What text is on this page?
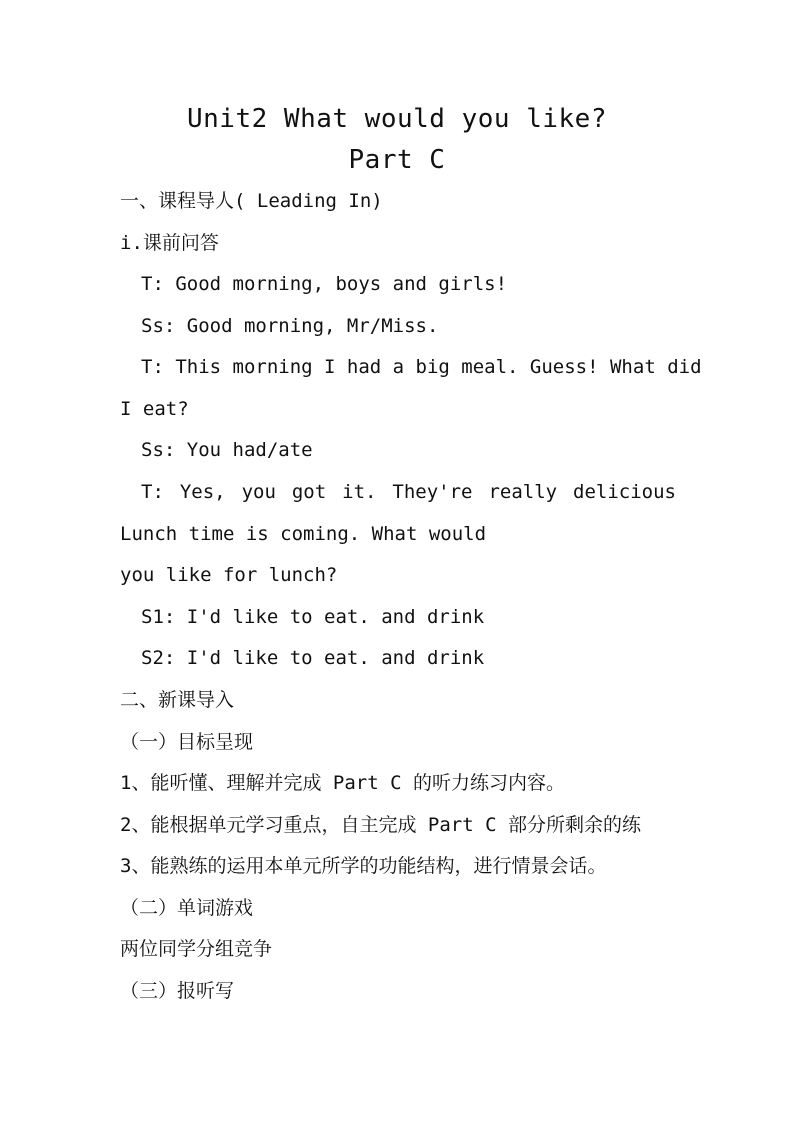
Unit2 What would you like?
Part C
一、课程导人( Leading In)
i.课前问答
T: Good morning, boys and girls!
Ss: Good morning, Mr/Miss.
T: This morning I had a big meal. Guess! What did
I eat?
Ss: You had/ate
T: Yes, you got it. They're really delicious
Lunch time is coming. What would
you like for lunch?
S1: I'd like to eat. and drink
S2: I'd like to eat. and drink
二、新课导入
（一）目标呈现
1、能听懂、理解并完成 Part C 的听力练习内容。
2、能根据单元学习重点，自主完成 Part C 部分所剩余的练
3、能熟练的运用本单元所学的功能结构，进行情景会话。
（二）单词游戏
两位同学分组竞争
（三）报听写
